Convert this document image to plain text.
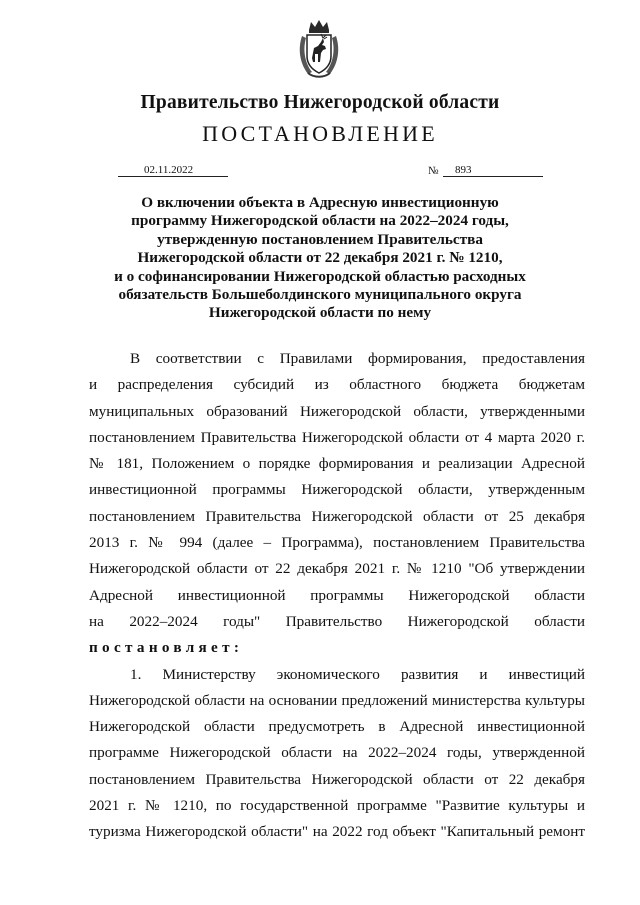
Правительство Нижегородской области
ПОСТАНОВЛЕНИЕ
02.11.2022	№	893
О включении объекта в Адресную инвестиционную
программу Нижегородской области на 2022–2024 годы,
утвержденную постановлением Правительства
Нижегородской области от 22 декабря 2021 г. № 1210,
и о софинансировании Нижегородской областью расходных
обязательств Большеболдинского муниципального округа
Нижегородской области по нему
В соответствии с Правилами формирования, предоставления
и распределения субсидий из областного бюджета бюджетам
муниципальных образований Нижегородской области, утвержденными
постановлением Правительства Нижегородской области от 4 марта 2020 г.
№ 181, Положением о порядке формирования и реализации Адресной
инвестиционной программы Нижегородской области, утвержденным
постановлением Правительства Нижегородской области от 25 декабря
2013 г. № 994 (далее – Программа), постановлением Правительства
Нижегородской области от 22 декабря 2021 г. № 1210 "Об утверждении
Адресной инвестиционной программы Нижегородской области
на 2022–2024 годы" Правительство Нижегородской области
постановляет:
1. Министерству экономического развития и инвестиций
Нижегородской области на основании предложений министерства культуры
Нижегородской области предусмотреть в Адресной инвестиционной
программе Нижегородской области на 2022–2024 годы, утвержденной
постановлением Правительства Нижегородской области от 22 декабря
2021 г. № 1210, по государственной программе "Развитие культуры и
туризма Нижегородской области" на 2022 год объект "Капитальный ремонт
